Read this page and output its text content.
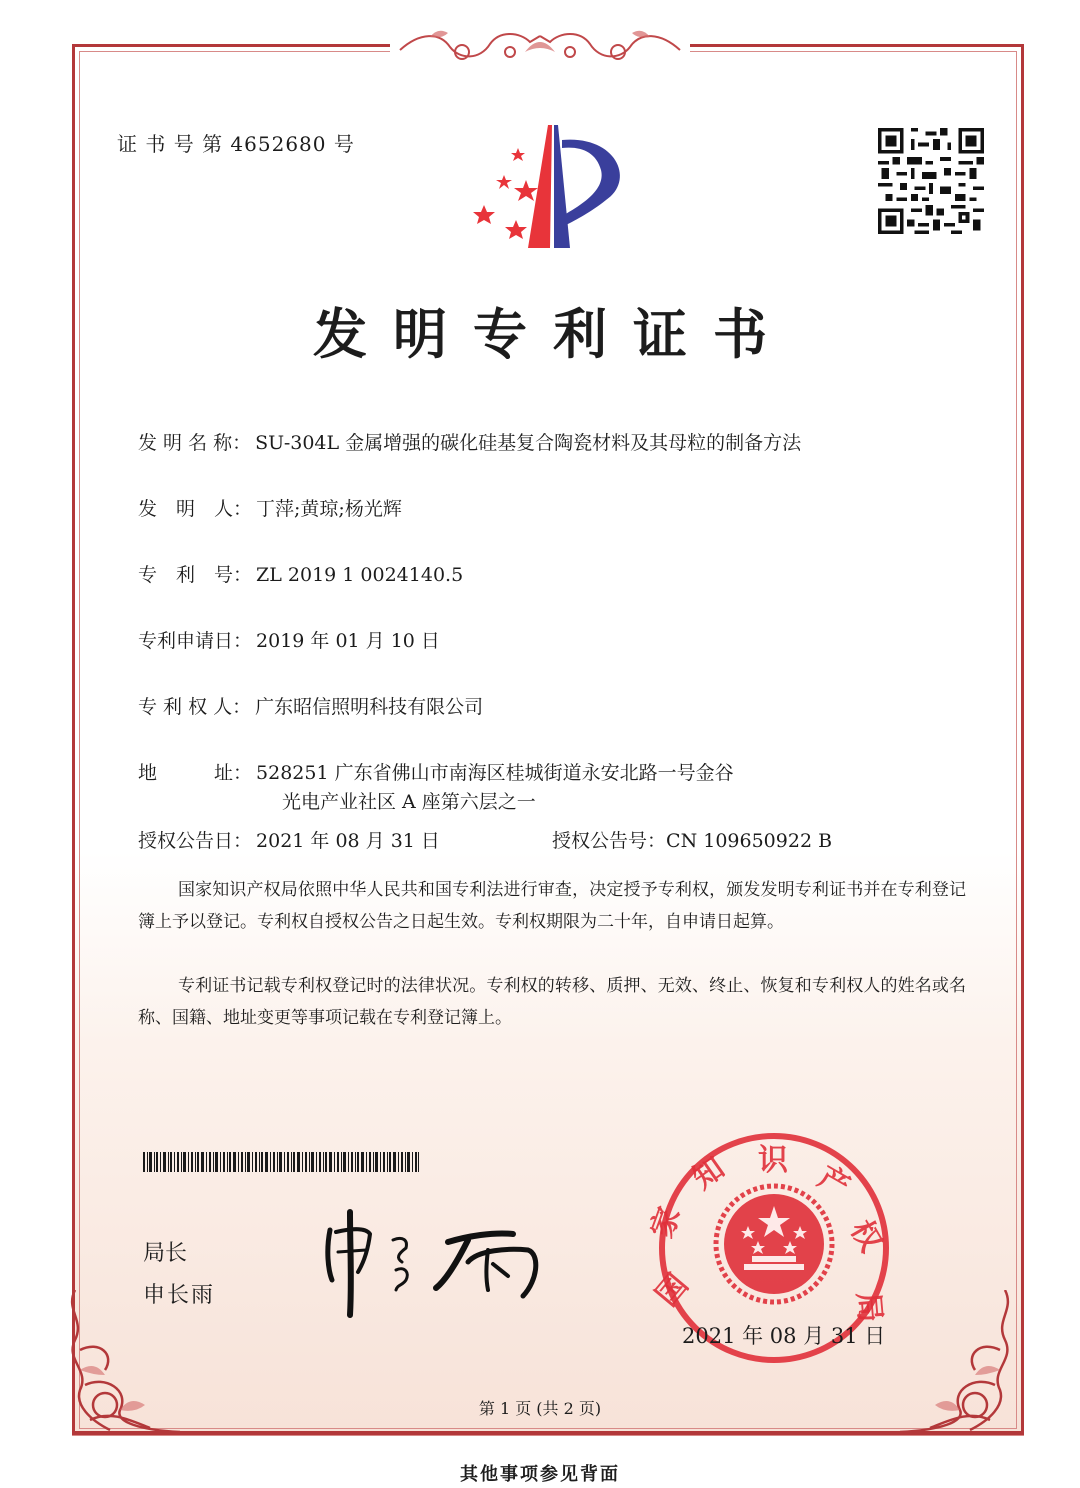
证 书 号 第 4652680 号
发明专利证书
发 明 名 称： SU-304L 金属增强的碳化硅基复合陶瓷材料及其母粒的制备方法
发　明　人： 丁萍;黄琼;杨光辉
专　利　号： ZL 2019 1 0024140.5
专利申请日： 2019 年 01 月 10 日
专 利 权 人： 广东昭信照明科技有限公司
地　　　址： 528251 广东省佛山市南海区桂城街道永安北路一号金谷
光电产业社区 A 座第六层之一
授权公告日： 2021 年 08 月 31 日	授权公告号：CN 109650922 B
国家知识产权局依照中华人民共和国专利法进行审查，决定授予专利权，颁发发明专利证书并在专利登记簿上予以登记。专利权自授权公告之日起生效。专利权期限为二十年，自申请日起算。
专利证书记载专利权登记时的法律状况。专利权的转移、质押、无效、终止、恢复和专利权人的姓名或名称、国籍、地址变更等事项记载在专利登记簿上。
局长
申长雨	国
家
知 识 产
权
局
2021 年 08 月 31 日
第 1 页 (共 2 页)
其他事项参见背面
